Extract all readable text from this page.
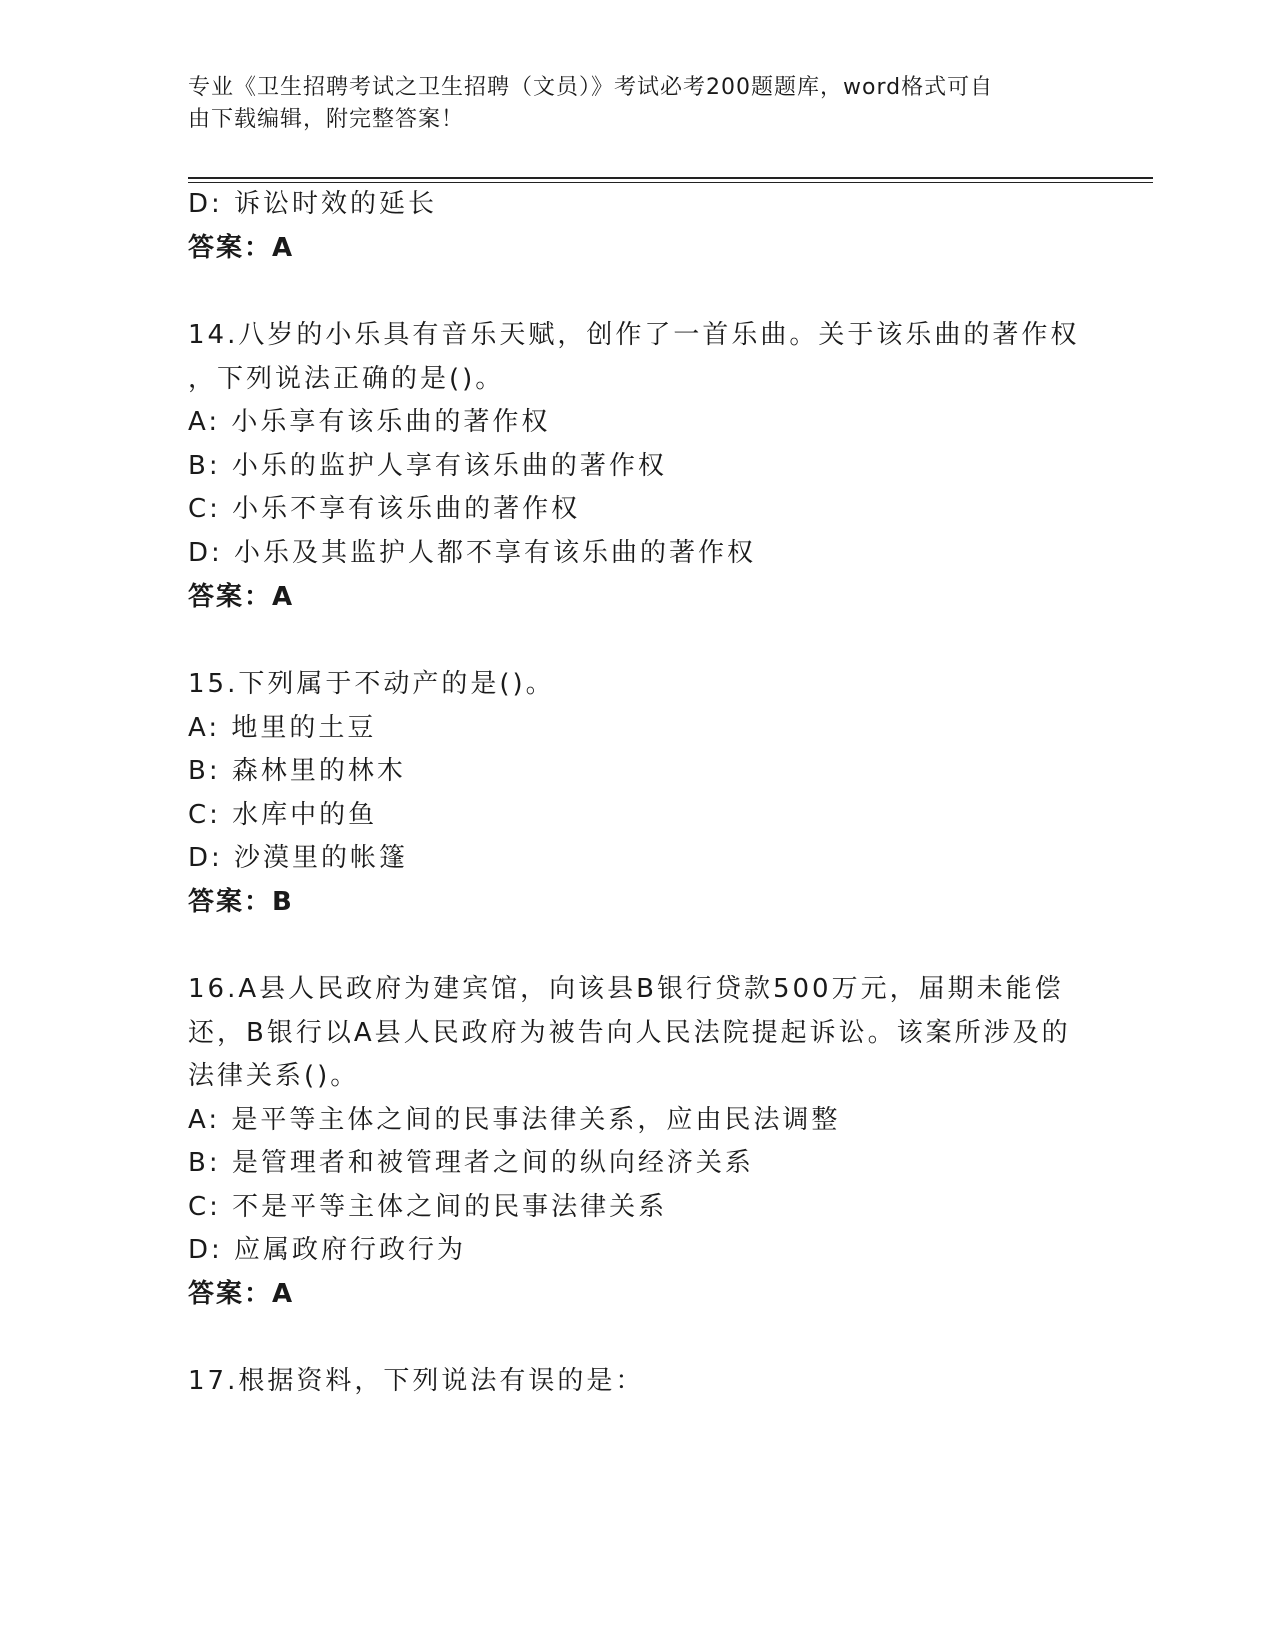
专业《卫生招聘考试之卫生招聘（文员）》考试必考200题题库，word格式可自
由下载编辑，附完整答案！
D: 诉讼时效的延长
答案：A
14.八岁的小乐具有音乐天赋，创作了一首乐曲。关于该乐曲的著作权
，下列说法正确的是()。
A: 小乐享有该乐曲的著作权
B: 小乐的监护人享有该乐曲的著作权
C: 小乐不享有该乐曲的著作权
D: 小乐及其监护人都不享有该乐曲的著作权
答案：A
15.下列属于不动产的是()。
A: 地里的土豆
B: 森林里的林木
C: 水库中的鱼
D: 沙漠里的帐篷
答案：B
16.A县人民政府为建宾馆，向该县B银行贷款500万元，届期未能偿
还，B银行以A县人民政府为被告向人民法院提起诉讼。该案所涉及的
法律关系()。
A: 是平等主体之间的民事法律关系，应由民法调整
B: 是管理者和被管理者之间的纵向经济关系
C: 不是平等主体之间的民事法律关系
D: 应属政府行政行为
答案：A
17.根据资料，下列说法有误的是：
